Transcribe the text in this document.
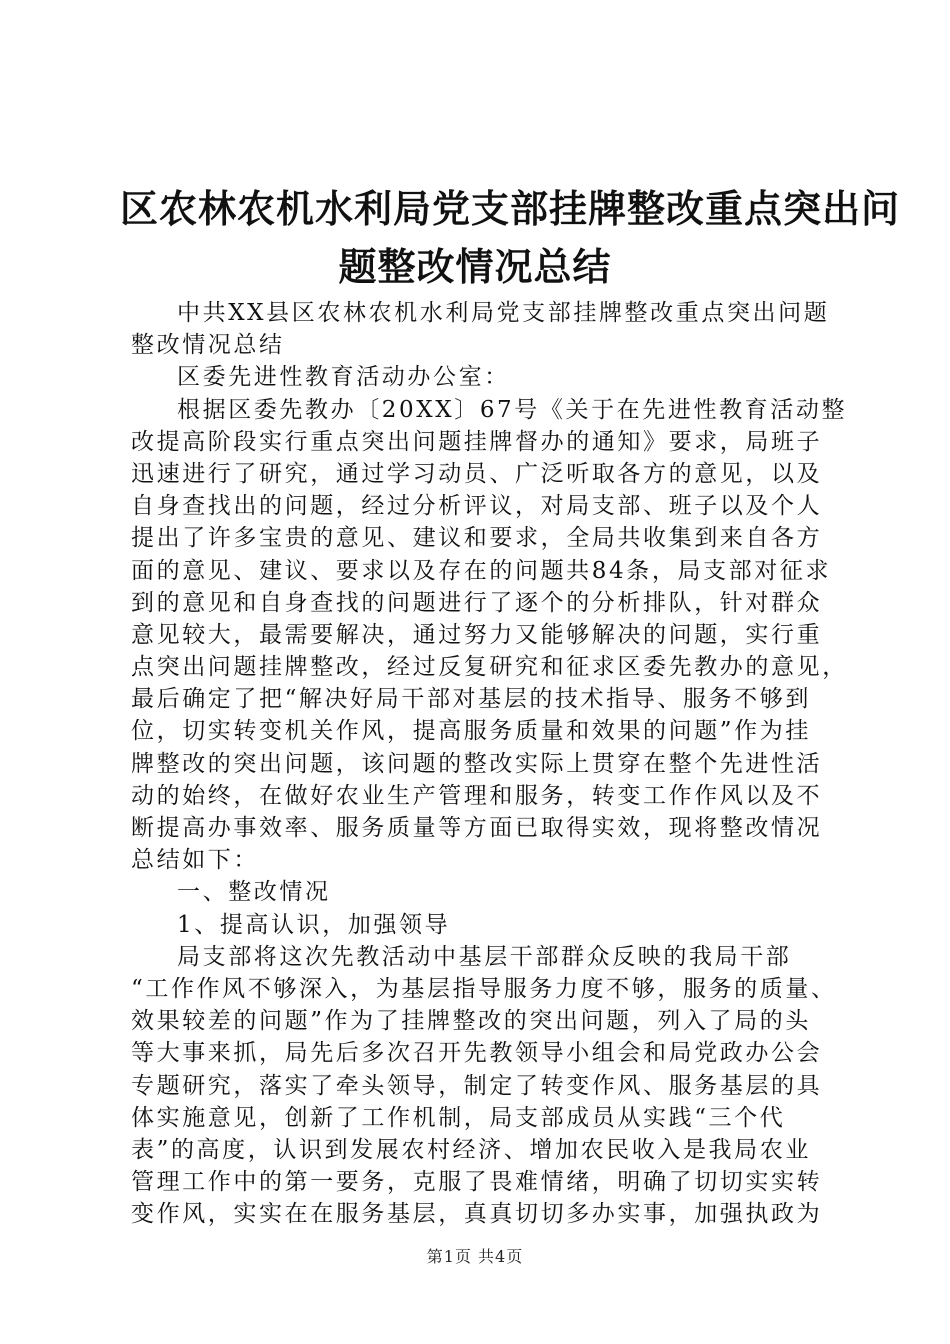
区农林农机水利局党支部挂牌整改重点突出问
题整改情况总结
中共XX县区农林农机水利局党支部挂牌整改重点突出问题
整改情况总结
区委先进性教育活动办公室：
根据区委先教办〔20XX〕67号《关于在先进性教育活动整
改提高阶段实行重点突出问题挂牌督办的通知》要求，局班子
迅速进行了研究，通过学习动员、广泛听取各方的意见，以及
自身查找出的问题，经过分析评议，对局支部、班子以及个人
提出了许多宝贵的意见、建议和要求，全局共收集到来自各方
面的意见、建议、要求以及存在的问题共84条，局支部对征求
到的意见和自身查找的问题进行了逐个的分析排队，针对群众
意见较大，最需要解决，通过努力又能够解决的问题，实行重
点突出问题挂牌整改，经过反复研究和征求区委先教办的意见，
最后确定了把“解决好局干部对基层的技术指导、服务不够到
位，切实转变机关作风，提高服务质量和效果的问题”作为挂
牌整改的突出问题，该问题的整改实际上贯穿在整个先进性活
动的始终，在做好农业生产管理和服务，转变工作作风以及不
断提高办事效率、服务质量等方面已取得实效，现将整改情况
总结如下：
一、整改情况
1、提高认识，加强领导
局支部将这次先教活动中基层干部群众反映的我局干部
“工作作风不够深入，为基层指导服务力度不够，服务的质量、
效果较差的问题”作为了挂牌整改的突出问题，列入了局的头
等大事来抓，局先后多次召开先教领导小组会和局党政办公会
专题研究，落实了牵头领导，制定了转变作风、服务基层的具
体实施意见，创新了工作机制，局支部成员从实践“三个代
表”的高度，认识到发展农村经济、增加农民收入是我局农业
管理工作中的第一要务，克服了畏难情绪，明确了切切实实转
变作风，实实在在服务基层，真真切切多办实事，加强执政为
第1页 共4页
